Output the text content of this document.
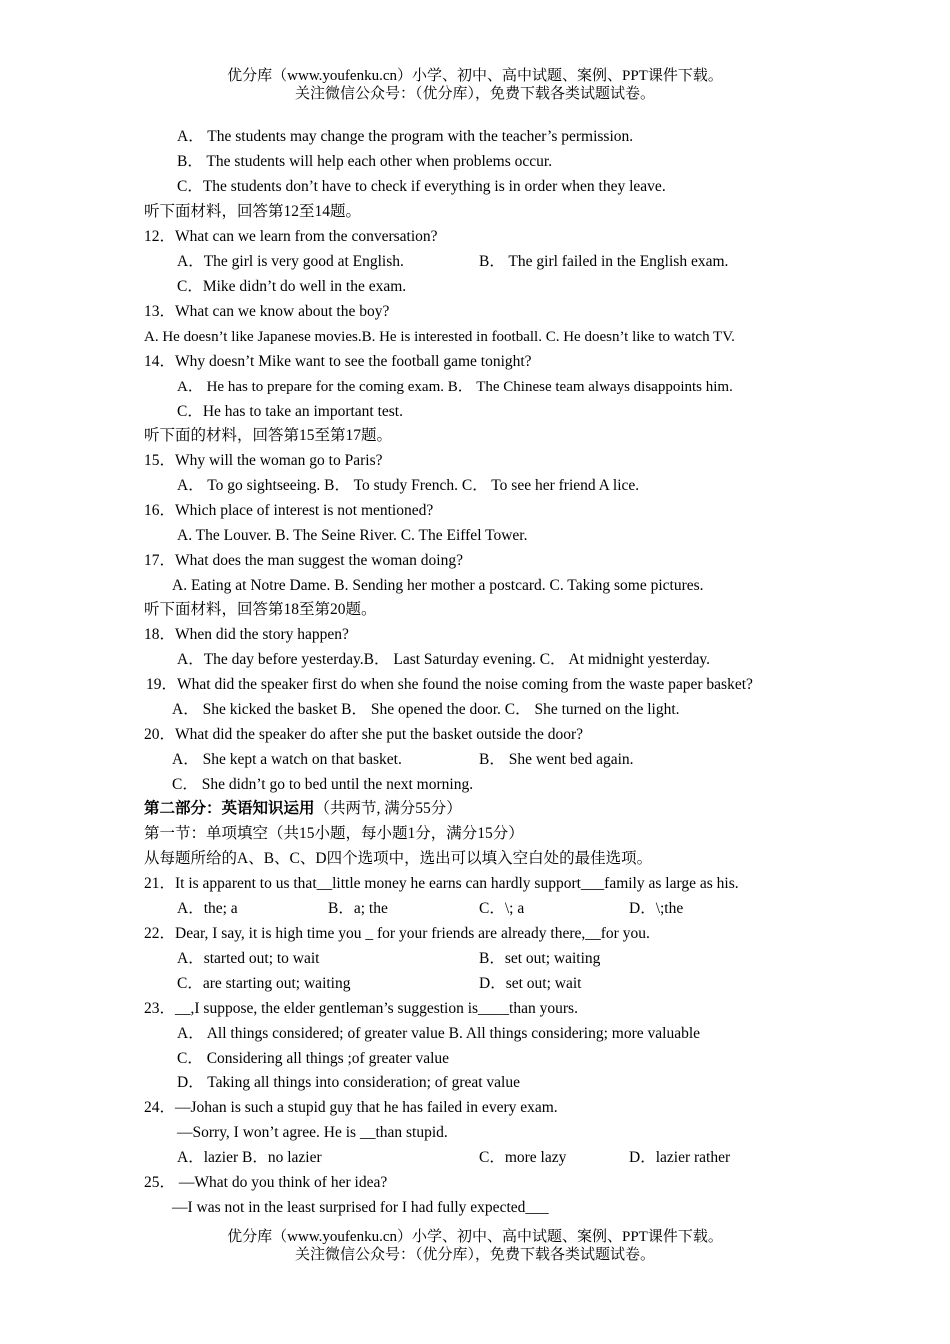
优分库（www.youfenku.cn）小学、初中、高中试题、案例、PPT课件下载。
关注微信公众号：（优分库），免费下载各类试题试卷。
A． The students may change the program with the teacher’s permission.
B． The students will help each other when problems occur.
C．The students don’t have to check if everything is in order when they leave.
听下面材料，回答第12至14题。
12．What can we learn from the conversation?
A．The girl is very good at English.	B． The girl failed in the English exam.
C．Mike didn’t do well in the exam.
13．What can we know about the boy?
A. He doesn’t like Japanese movies.B. He is interested in football. C. He doesn’t like to watch TV.
14．Why doesn’t Mike want to see the football game tonight?
A． He has to prepare for the coming exam. B． The Chinese team always disappoints him.
C．He has to take an important test.
听下面的材料，回答第15至第17题。
15．Why will the woman go to Paris?
A． To go sightseeing. B． To study French. C． To see her friend A lice.
16．Which place of interest is not mentioned?
A. The Louver. B. The Seine River. C. The Eiffel Tower.
17．What does the man suggest the woman doing?
A. Eating at Notre Dame. B. Sending her mother a postcard. C. Taking some pictures.
听下面材料，回答第18至第20题。
18．When did the story happen?
A．The day before yesterday.B． Last Saturday evening. C． At midnight yesterday.
19．What did the speaker first do when she found the noise coming from the waste paper basket?
A． She kicked the basket B． She opened the door. C． She turned on the light.
20．What did the speaker do after she put the basket outside the door?
A． She kept a watch on that basket.	B． She went bed again.
C． She didn’t go to bed until the next morning.
第二部分：英语知识运用（共两节, 满分55分）
第一节：单项填空（共15小题，每小题1分，满分15分）
从每题所给的A、B、C、D四个选项中，选出可以填入空白处的最佳选项。
21．It is apparent to us that__little money he earns can hardly support___family as large as his.
A．the; a	B．a; the	C．\; a	D．\;the
22．Dear, I say, it is high time you _ for your friends are already there,__for you.
A．started out; to wait	B．set out; waiting
C．are starting out; waiting	D．set out; wait
23．__,I suppose, the elder gentleman’s suggestion is____than yours.
A． All things considered; of greater value B. All things considering; more valuable
C． Considering all things ;of greater value
D． Taking all things into consideration; of great value
24．—Johan is such a stupid guy that he has failed in every exam.
—Sorry, I won’t agree. He is __than stupid.
A．lazier B．no lazier	C．more lazy	D．lazier rather
25． —What do you think of her idea?
—I was not in the least surprised for I had fully expected___
优分库（www.youfenku.cn）小学、初中、高中试题、案例、PPT课件下载。
关注微信公众号：（优分库），免费下载各类试题试卷。
